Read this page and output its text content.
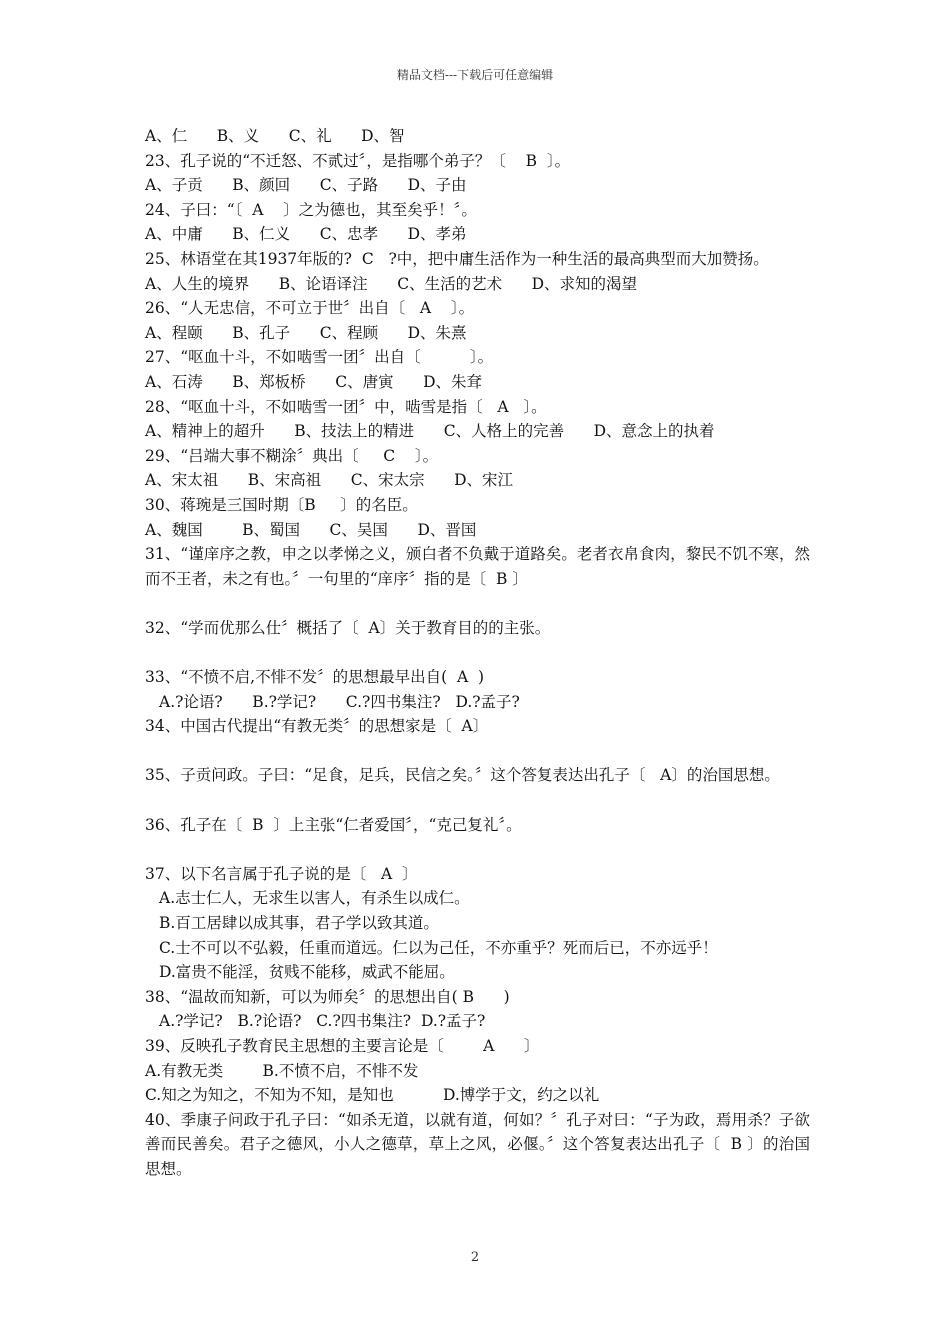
精品文档---下载后可任意编辑
A、仁      B、义      C、礼      D、智
23、孔子说的“不迁怒、不贰过〞，是指哪个弟子？〔    B  〕。
A、子贡      B、颜回      C、子路      D、子由
24、子曰：“〔  A    〕之为德也，其至矣乎！〞。
A、中庸      B、仁义      C、忠孝      D、孝弟
25、林语堂在其1937年版的?  C   ?中，把中庸生活作为一种生活的最高典型而大加赞扬。
A、人生的境界      B、论语译注      C、生活的艺术      D、求知的渴望
26、“人无忠信，不可立于世〞出自〔   A    〕。
A、程颐      B、孔子      C、程顾      D、朱熹
27、“呕血十斗，不如啮雪一团〞出自〔          〕。
A、石涛      B、郑板桥      C、唐寅      D、朱耷
28、“呕血十斗，不如啮雪一团〞中，啮雪是指〔   A   〕。
A、精神上的超升      B、技法上的精进      C、人格上的完善      D、意念上的执着
29、“吕端大事不糊涂〞典出〔     C    〕。
A、宋太祖      B、宋高祖      C、宋太宗      D、宋江
30、蒋琬是三国时期〔B     〕的名臣。
A、魏国        B、蜀国      C、吴国      D、晋国
31、“谨庠序之教，申之以孝悌之义，颁白者不负戴于道路矣。老者衣帛食肉，黎民不饥不寒，然而不王者，未之有也。〞一句里的“庠序〞指的是〔  B 〕
32、“学而优那么仕〞概括了〔  A〕关于教育目的的主张。
33、“不愤不启,不悱不发〞的思想最早出自(  A  )
A.?论语?      B.?学记?      C.?四书集注?   D.?孟子?
34、中国古代提出“有教无类〞的思想家是〔  A〕
35、子贡问政。子曰：“足食，足兵，民信之矣。〞这个答复表达出孔子〔   A〕的治国思想。
36、孔子在〔  B  〕上主张“仁者爱国〞，“克己复礼〞。
37、以下名言属于孔子说的是〔   A  〕
A.志士仁人，无求生以害人，有杀生以成仁。
B.百工居肆以成其事，君子学以致其道。
C.士不可以不弘毅，任重而道远。仁以为己任，不亦重乎？死而后已，不亦远乎！
D.富贵不能淫，贫贱不能移，威武不能屈。
38、“温故而知新，可以为师矣〞的思想出自( B      )
A.?学记?   B.?论语?   C.?四书集注?  D.?孟子?
39、反映孔子教育民主思想的主要言论是〔        A      〕
A.有教无类        B.不愤不启，不悱不发
C.知之为知之，不知为不知，是知也          D.博学于文，约之以礼
40、季康子问政于孔子曰：“如杀无道，以就有道，何如？〞孔子对曰：“子为政，焉用杀？子欲善而民善矣。君子之德风，小人之德草，草上之风，必偃。〞这个答复表达出孔子〔  B 〕的治国思想。
2
